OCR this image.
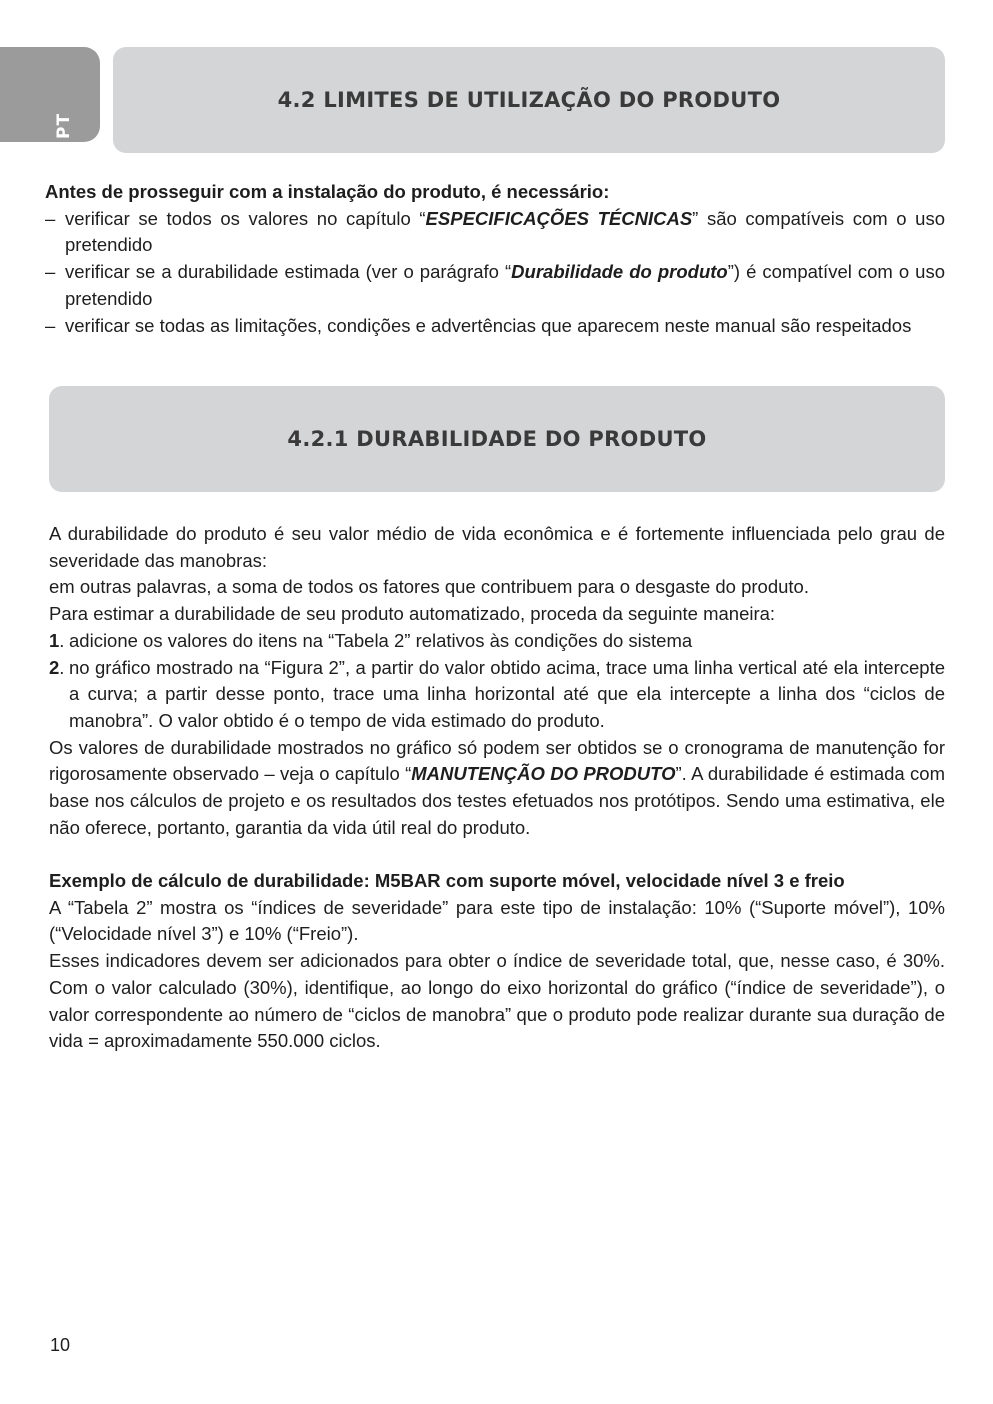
PT
4.2 LIMITES DE UTILIZAÇÃO DO PRODUTO

Antes de prosseguir com a instalação do produto, é necessário:

– verificar se todos os valores no capítulo “ESPECIFICAÇÕES TÉCNICAS” são compatíveis com o uso pretendido
– verificar se a durabilidade estimada (ver o parágrafo “Durabilidade do produto”) é compatível com o uso pretendido
– verificar se todas as limitações, condições e advertências que aparecem neste manual são respeitados
4.2.1 DURABILIDADE DO PRODUTO

A durabilidade do produto é seu valor médio de vida econômica e é fortemente influenciada pelo grau de severidade das manobras:

em outras palavras, a soma de todos os fatores que contribuem para o desgaste do produto.

Para estimar a durabilidade de seu produto automatizado, proceda da seguinte maneira:

1 . adicione os valores do itens na “Tabela 2” relativos às condições do sistema
2 . no gráfico mostrado na “Figura 2”, a partir do valor obtido acima, trace uma linha vertical até ela intercepte a curva; a partir desse ponto, trace uma linha horizontal até que ela intercepte a linha dos “ciclos de manobra”. O valor obtido é o tempo de vida estimado do produto.

Os valores de durabilidade mostrados no gráfico só podem ser obtidos se o cronograma de manutenção for rigorosamente observado – veja o capítulo “MANUTENÇÃO DO PRODUTO”. A durabilidade é estimada com base nos cálculos de projeto e os resultados dos testes efetuados nos protótipos. Sendo uma estimativa, ele não oferece, portanto, garantia da vida útil real do produto.

Exemplo de cálculo de durabilidade: M5BAR com suporte móvel, velocidade nível 3 e freio

A “Tabela 2” mostra os “índices de severidade” para este tipo de instalação: 10% (“Suporte móvel”), 10% (“Velocidade nível 3”) e 10% (“Freio”).

Esses indicadores devem ser adicionados para obter o índice de severidade total, que, nesse caso, é 30%. Com o valor calculado (30%), identifique, ao longo do eixo horizontal do gráfico (“índice de severidade”), o valor correspondente ao número de “ciclos de manobra” que o produto pode realizar durante sua duração de vida = aproximadamente 550.000 ciclos.

10
